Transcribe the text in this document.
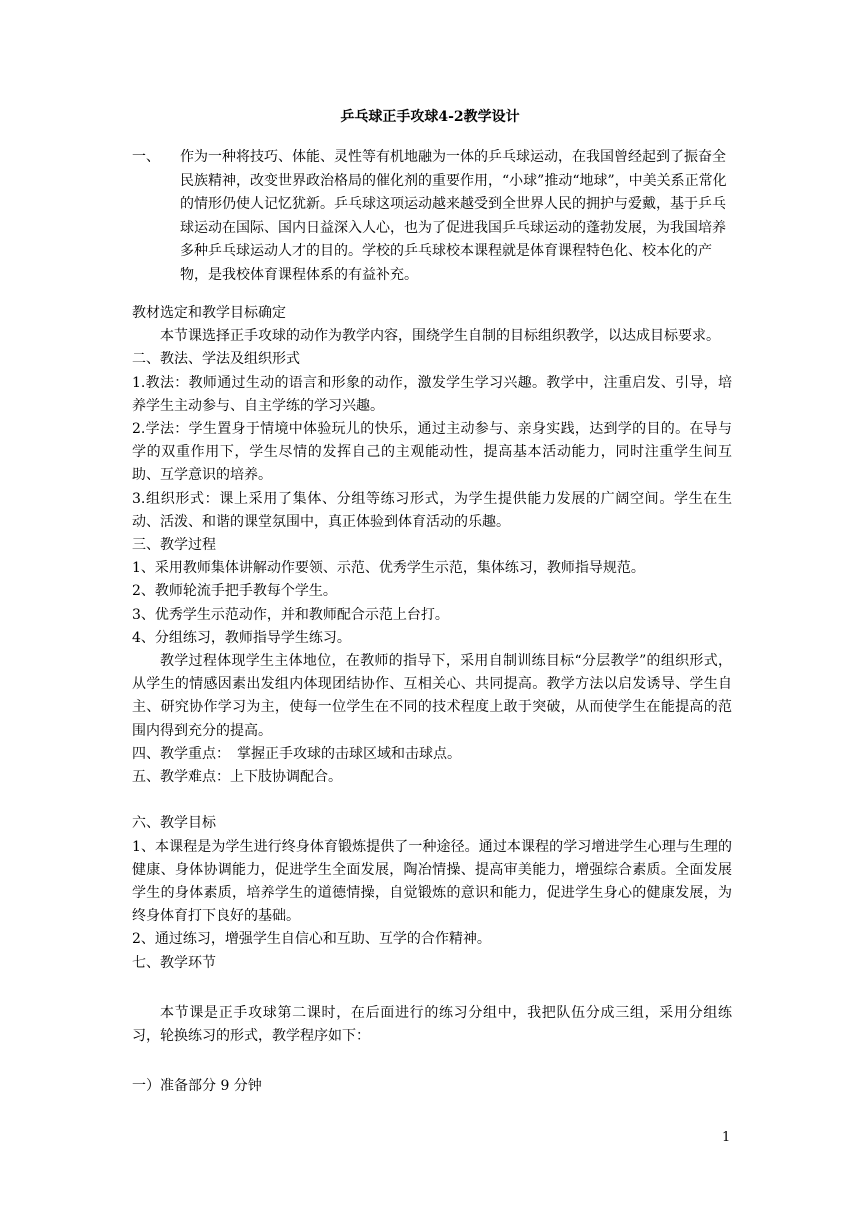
乒乓球正手攻球4-2教学设计
一、 作为一种将技巧、体能、灵性等有机地融为一体的乒乓球运动，在我国曾经起到了振奋全民族精神，改变世界政治格局的催化剂的重要作用，“小球”推动“地球”，中美关系正常化的情形仍使人记忆犹新。乒乓球这项运动越来越受到全世界人民的拥护与爱戴，基于乒乓球运动在国际、国内日益深入人心，也为了促进我国乒乓球运动的蓬勃发展，为我国培养多种乒乓球运动人才的目的。学校的乒乓球校本课程就是体育课程特色化、校本化的产物，是我校体育课程体系的有益补充。

教材选定和教学目标确定

本节课选择正手攻球的动作为教学内容，围绕学生自制的目标组织教学，以达成目标要求。

二、教法、学法及组织形式

1.教法：教师通过生动的语言和形象的动作，激发学生学习兴趣。教学中，注重启发、引导，培养学生主动参与、自主学练的学习兴趣。

2.学法：学生置身于情境中体验玩儿的快乐，通过主动参与、亲身实践，达到学的目的。在导与学的双重作用下，学生尽情的发挥自己的主观能动性，提高基本活动能力，同时注重学生间互助、互学意识的培养。

3.组织形式：课上采用了集体、分组等练习形式，为学生提供能力发展的广阔空间。学生在生动、活泼、和谐的课堂氛围中，真正体验到体育活动的乐趣。

三、教学过程

1、采用教师集体讲解动作要领、示范、优秀学生示范，集体练习，教师指导规范。

2、教师轮流手把手教每个学生。

3、优秀学生示范动作，并和教师配合示范上台打。

4、分组练习，教师指导学生练习。

教学过程体现学生主体地位，在教师的指导下，采用自制训练目标“分层教学”的组织形式，从学生的情感因素出发组内体现团结协作、互相关心、共同提高。教学方法以启发诱导、学生自主、研究协作学习为主，使每一位学生在不同的技术程度上敢于突破，从而使学生在能提高的范围内得到充分的提高。

四、教学重点：　掌握正手攻球的击球区域和击球点。

五、教学难点：上下肢协调配合。

六、教学目标

1、本课程是为学生进行终身体育锻炼提供了一种途径。通过本课程的学习增进学生心理与生理的健康、身体协调能力，促进学生全面发展，陶冶情操、提高审美能力，增强综合素质。全面发展学生的身体素质，培养学生的道德情操，自觉锻炼的意识和能力，促进学生身心的健康发展，为终身体育打下良好的基础。

2、通过练习，增强学生自信心和互助、互学的合作精神。

七、教学环节

本节课是正手攻球第二课时，在后面进行的练习分组中，我把队伍分成三组，采用分组练习，轮换练习的形式，教学程序如下：

一）准备部分 9 分钟

1
